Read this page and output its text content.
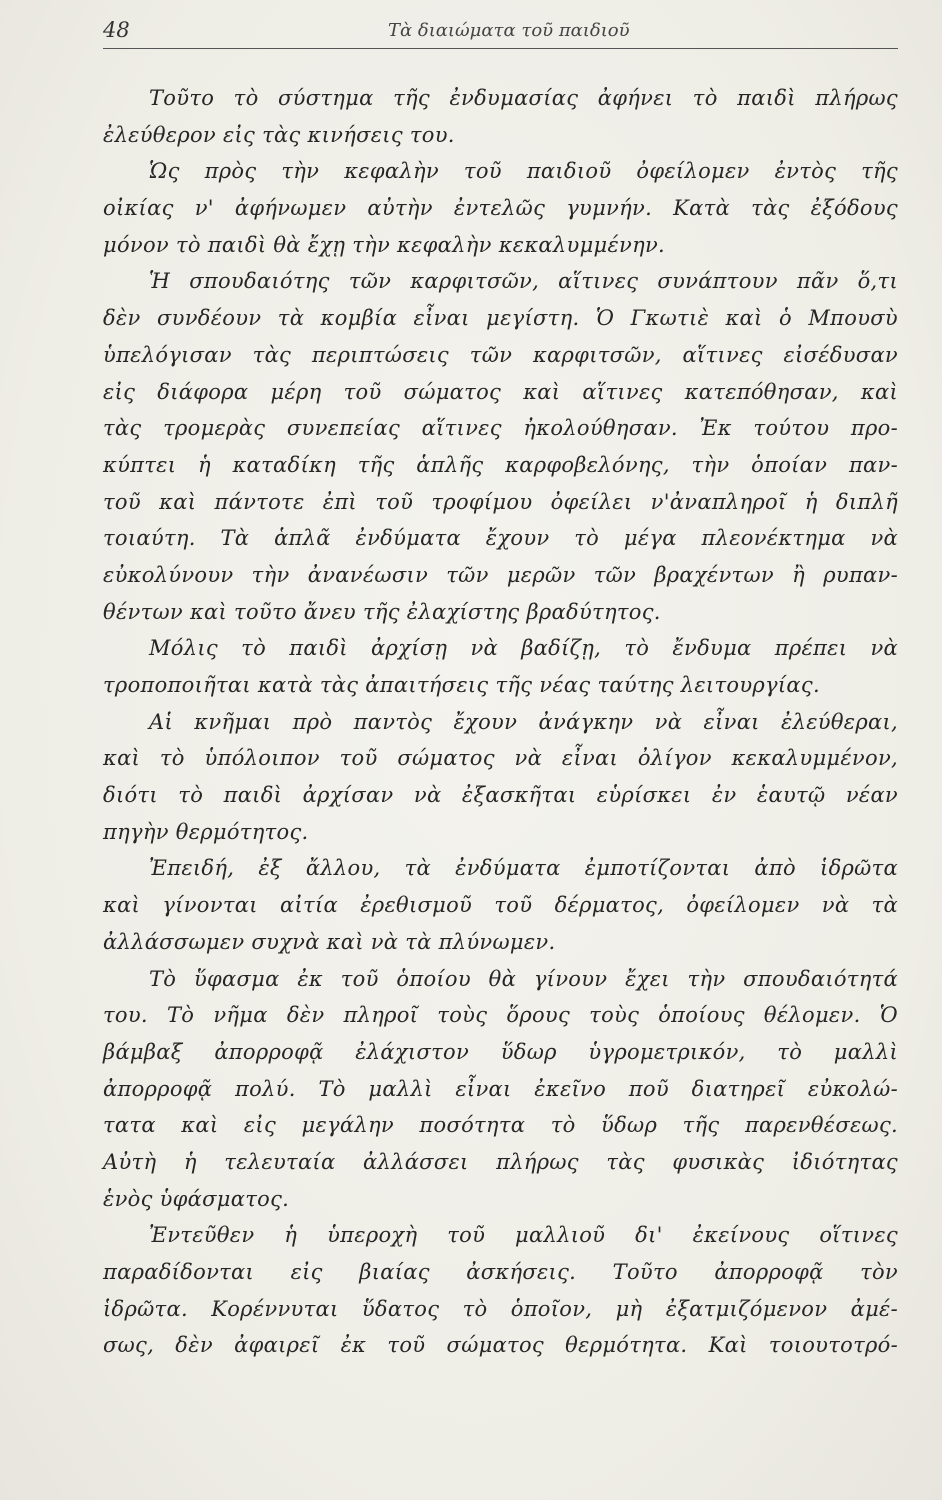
48	Τὰ διαιώματα τοῦ παιδιοῦ
Τοῦτο τὸ σύστημα τῆς ἐνδυμασίας ἀφήνει τὸ παιδὶ πλήρως
ἐλεύθερον εἰς τὰς κινήσεις του.
Ὡς πρὸς τὴν κεφαλὴν τοῦ παιδιοῦ ὀφείλομεν ἐντὸς τῆς
οἰκίας ν' ἀφήνωμεν αὐτὴν ἐντελῶς γυμνήν. Κατὰ τὰς ἐξόδους
μόνον τὸ παιδὶ θὰ ἔχῃ τὴν κεφαλὴν κεκαλυμμένην.
Ἡ σπουδαιότης τῶν καρφιτσῶν, αἵτινες συνάπτουν πᾶν ὅ,τι
δὲν συνδέουν τὰ κομβία εἶναι μεγίστη. Ὁ Γκωτιὲ καὶ ὁ Μπουσὺ
ὑπελόγισαν τὰς περιπτώσεις τῶν καρφιτσῶν, αἵτινες εἰσέδυσαν
εἰς διάφορα μέρη τοῦ σώματος καὶ αἵτινες κατεπόθησαν, καὶ
τὰς τρομερὰς συνεπείας αἵτινες ἠκολούθησαν. Ἐκ τούτου προ-
κύπτει ἡ καταδίκη τῆς ἁπλῆς καρφοβελόνης, τὴν ὁποίαν παν-
τοῦ καὶ πάντοτε ἐπὶ τοῦ τροφίμου ὀφείλει ν'ἀναπληροῖ ἡ διπλῆ
τοιαύτη. Τὰ ἁπλᾶ ἐνδύματα ἔχουν τὸ μέγα πλεονέκτημα νὰ
εὐκολύνουν τὴν ἀνανέωσιν τῶν μερῶν τῶν βραχέντων ἢ ρυπαν-
θέντων καὶ τοῦτο ἄνευ τῆς ἐλαχίστης βραδύτητος.
Μόλις τὸ παιδὶ ἀρχίσῃ νὰ βαδίζῃ, τὸ ἔνδυμα πρέπει νὰ
τροποποιῆται κατὰ τὰς ἀπαιτήσεις τῆς νέας ταύτης λειτουργίας.
Αἱ κνῆμαι πρὸ παντὸς ἔχουν ἀνάγκην νὰ εἶναι ἐλεύθεραι,
καὶ τὸ ὑπόλοιπον τοῦ σώματος νὰ εἶναι ὀλίγον κεκαλυμμένον,
διότι τὸ παιδὶ ἀρχίσαν νὰ ἐξασκῆται εὑρίσκει ἐν ἑαυτῷ νέαν
πηγὴν θερμότητος.
Ἐπειδή, ἐξ ἄλλου, τὰ ἐνδύματα ἐμποτίζονται ἀπὸ ἱδρῶτα
καὶ γίνονται αἰτία ἐρεθισμοῦ τοῦ δέρματος, ὀφείλομεν νὰ τὰ
ἀλλάσσωμεν συχνὰ καὶ νὰ τὰ πλύνωμεν.
Τὸ ὕφασμα ἐκ τοῦ ὁποίου θὰ γίνουν ἔχει τὴν σπουδαιότητά
του. Τὸ νῆμα δὲν πληροῖ τοὺς ὅρους τοὺς ὁποίους θέλομεν. Ὁ
βάμβαξ ἀπορροφᾷ ἐλάχιστον ὕδωρ ὑγρομετρικόν, τὸ μαλλὶ
ἀπορροφᾷ πολύ. Τὸ μαλλὶ εἶναι ἐκεῖνο ποῦ διατηρεῖ εὐκολώ-
τατα καὶ εἰς μεγάλην ποσότητα τὸ ὕδωρ τῆς παρενθέσεως.
Αὐτὴ ἡ τελευταία ἀλλάσσει πλήρως τὰς φυσικὰς ἰδιότητας
ἑνὸς ὑφάσματος.
Ἐντεῦθεν ἡ ὑπεροχὴ τοῦ μαλλιοῦ δι' ἐκείνους οἵτινες
παραδίδονται εἰς βιαίας ἀσκήσεις. Τοῦτο ἀπορροφᾷ τὸν
ἱδρῶτα. Κορέννυται ὕδατος τὸ ὁποῖον, μὴ ἐξατμιζόμενον ἀμέ-
σως, δὲν ἀφαιρεῖ ἐκ τοῦ σώματος θερμότητα. Καὶ τοιουτοτρό-
